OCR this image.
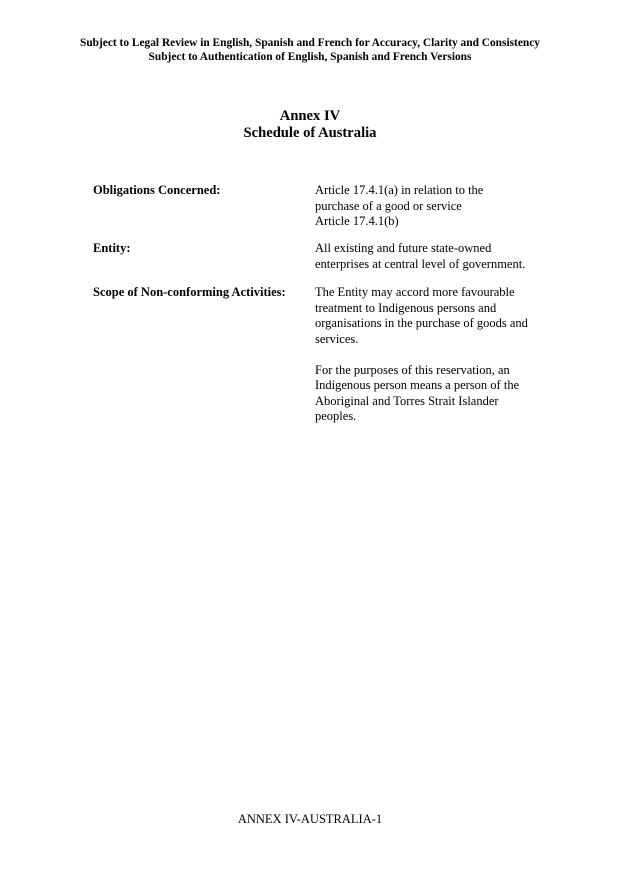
Subject to Legal Review in English, Spanish and French for Accuracy, Clarity and Consistency
Subject to Authentication of English, Spanish and French Versions
Annex IV
Schedule of Australia
Obligations Concerned:	Article 17.4.1(a) in relation to the
purchase of a good or service
Article 17.4.1(b)
Entity:	All existing and future state-owned
enterprises at central level of government.
Scope of Non-conforming Activities: The Entity may accord more favourable treatment to Indigenous persons and organisations in the purchase of goods and services.

For the purposes of this reservation, an Indigenous person means a person of the Aboriginal and Torres Strait Islander peoples.

ANNEX IV-AUSTRALIA-1
